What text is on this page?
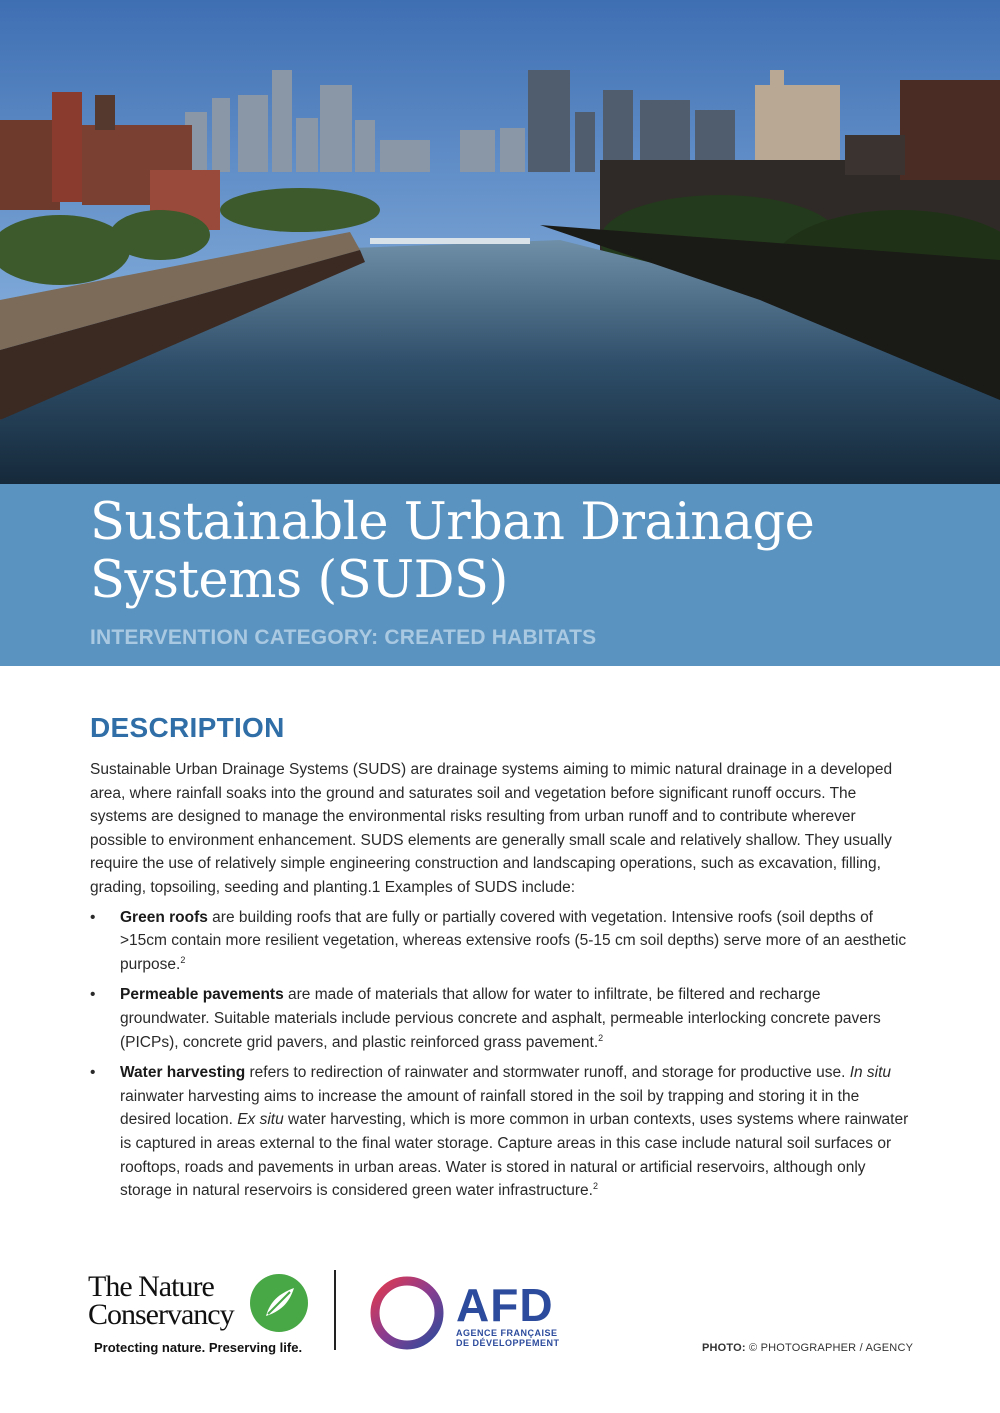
Sustainable Urban Drainage
Systems (SUDS)
INTERVENTION CATEGORY: CREATED HABITATS
DESCRIPTION

Sustainable Urban Drainage Systems (SUDS) are drainage systems aiming to mimic natural drainage in a developed area, where rainfall soaks into the ground and saturates soil and vegetation before significant runoff occurs. The systems are designed to manage the environmental risks resulting from urban runoff and to contribute wherever possible to environment enhancement. SUDS elements are generally small scale and relatively shallow. They usually require the use of relatively simple engineering construction and landscaping operations, such as excavation, filling, grading, topsoiling, seeding and planting.1 Examples of SUDS include:

• Green roofs are building roofs that are fully or partially covered with vegetation. Intensive roofs (soil depths of >15cm contain more resilient vegetation, whereas extensive roofs (5-15 cm soil depths) serve more of an aesthetic purpose.$^2$
• Permeable pavements are made of materials that allow for water to infiltrate, be filtered and recharge groundwater. Suitable materials include pervious concrete and asphalt, permeable interlocking concrete pavers (PICPs), concrete grid pavers, and plastic reinforced grass pavement.$^2$
• Water harvesting refers to redirection of rainwater and stormwater runoff, and storage for productive use. In situ rainwater harvesting aims to increase the amount of rainfall stored in the soil by trapping and storing it in the desired location. Ex situ water harvesting, which is more common in urban contexts, uses systems where rainwater is captured in areas external to the final water storage. Capture areas in this case include natural soil surfaces or rooftops, roads and pavements in urban areas. Water is stored in natural or artificial reservoirs, although only storage in natural reservoirs is considered green water infrastructure.$^2$
The Nature
Conservancy
Protecting nature. Preserving life.
AFD
AGENCE FRANÇAISE
DE DÉVELOPPEMENT	PHOTO: © PHOTOGRAPHER / AGENCY
